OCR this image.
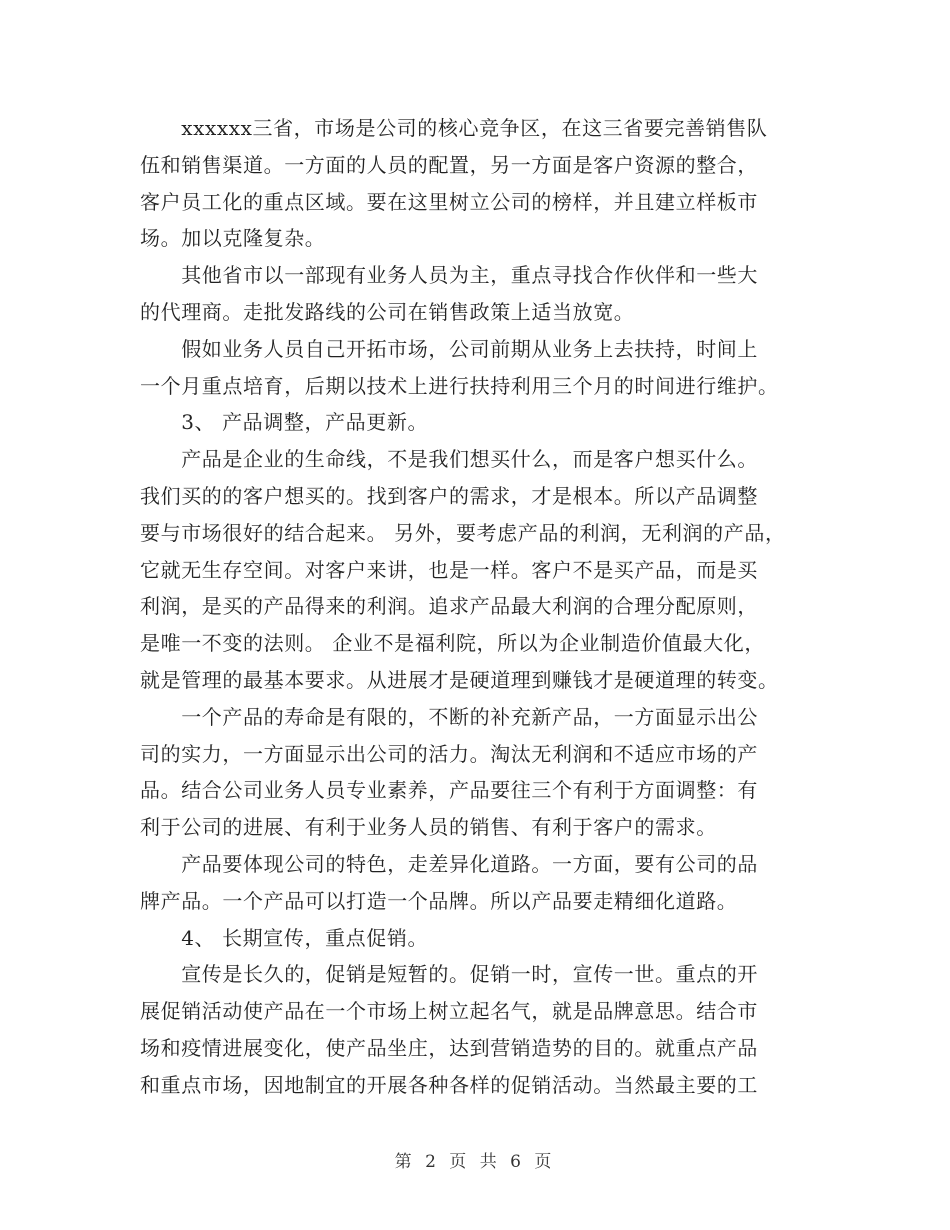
　　xxxxxx三省，市场是公司的核心竞争区，在这三省要完善销售队
伍和销售渠道。一方面的人员的配置，另一方面是客户资源的整合，
客户员工化的重点区域。要在这里树立公司的榜样，并且建立样板市
场。加以克隆复杂。
　　其他省市以一部现有业务人员为主，重点寻找合作伙伴和一些大
的代理商。走批发路线的公司在销售政策上适当放宽。
　　假如业务人员自己开拓市场，公司前期从业务上去扶持，时间上
一个月重点培育，后期以技术上进行扶持利用三个月的时间进行维护。
　　3、 产品调整，产品更新。
　　产品是企业的生命线，不是我们想买什么，而是客户想买什么。
我们买的的客户想买的。找到客户的需求，才是根本。所以产品调整
要与市场很好的结合起来。 另外，要考虑产品的利润，无利润的产品，
它就无生存空间。对客户来讲，也是一样。客户不是买产品，而是买
利润，是买的产品得来的利润。追求产品最大利润的合理分配原则，
是唯一不变的法则。 企业不是福利院，所以为企业制造价值最大化，
就是管理的最基本要求。从进展才是硬道理到赚钱才是硬道理的转变。
　　一个产品的寿命是有限的，不断的补充新产品，一方面显示出公
司的实力，一方面显示出公司的活力。淘汰无利润和不适应市场的产
品。结合公司业务人员专业素养，产品要往三个有利于方面调整：有
利于公司的进展、有利于业务人员的销售、有利于客户的需求。
　　产品要体现公司的特色，走差异化道路。一方面，要有公司的品
牌产品。一个产品可以打造一个品牌。所以产品要走精细化道路。
　　4、 长期宣传，重点促销。
　　宣传是长久的，促销是短暂的。促销一时，宣传一世。重点的开
展促销活动使产品在一个市场上树立起名气，就是品牌意思。结合市
场和疫情进展变化，使产品坐庄，达到营销造势的目的。就重点产品
和重点市场，因地制宜的开展各种各样的促销活动。当然最主要的工
第 2 页 共 6 页
